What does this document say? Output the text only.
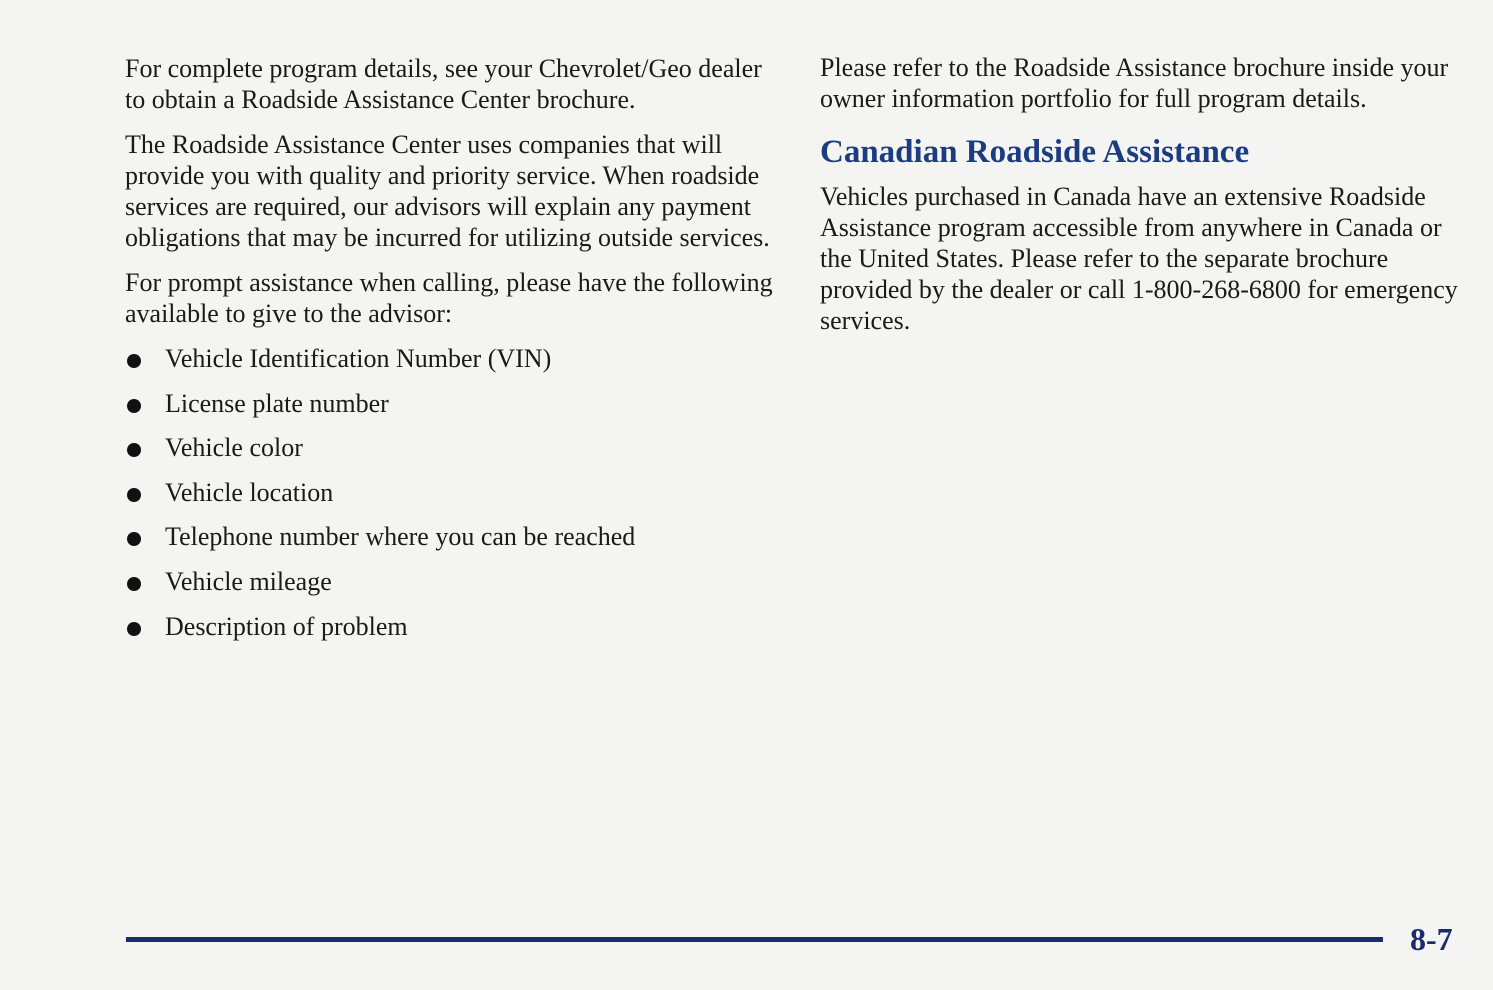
For complete program details, see your Chevrolet/Geo dealer to obtain a Roadside Assistance Center brochure.

The Roadside Assistance Center uses companies that will provide you with quality and priority service. When roadside services are required, our advisors will explain any payment obligations that may be incurred for utilizing outside services.

For prompt assistance when calling, please have the following available to give to the advisor:

Vehicle Identification Number (VIN)
License plate number
Vehicle color
Vehicle location
Telephone number where you can be reached
Vehicle mileage
Description of problem

Please refer to the Roadside Assistance brochure inside your owner information portfolio for full program details.

Canadian Roadside Assistance

Vehicles purchased in Canada have an extensive Roadside Assistance program accessible from anywhere in Canada or the United States. Please refer to the separate brochure provided by the dealer or call 1-800-268-6800 for emergency services.

8-7
